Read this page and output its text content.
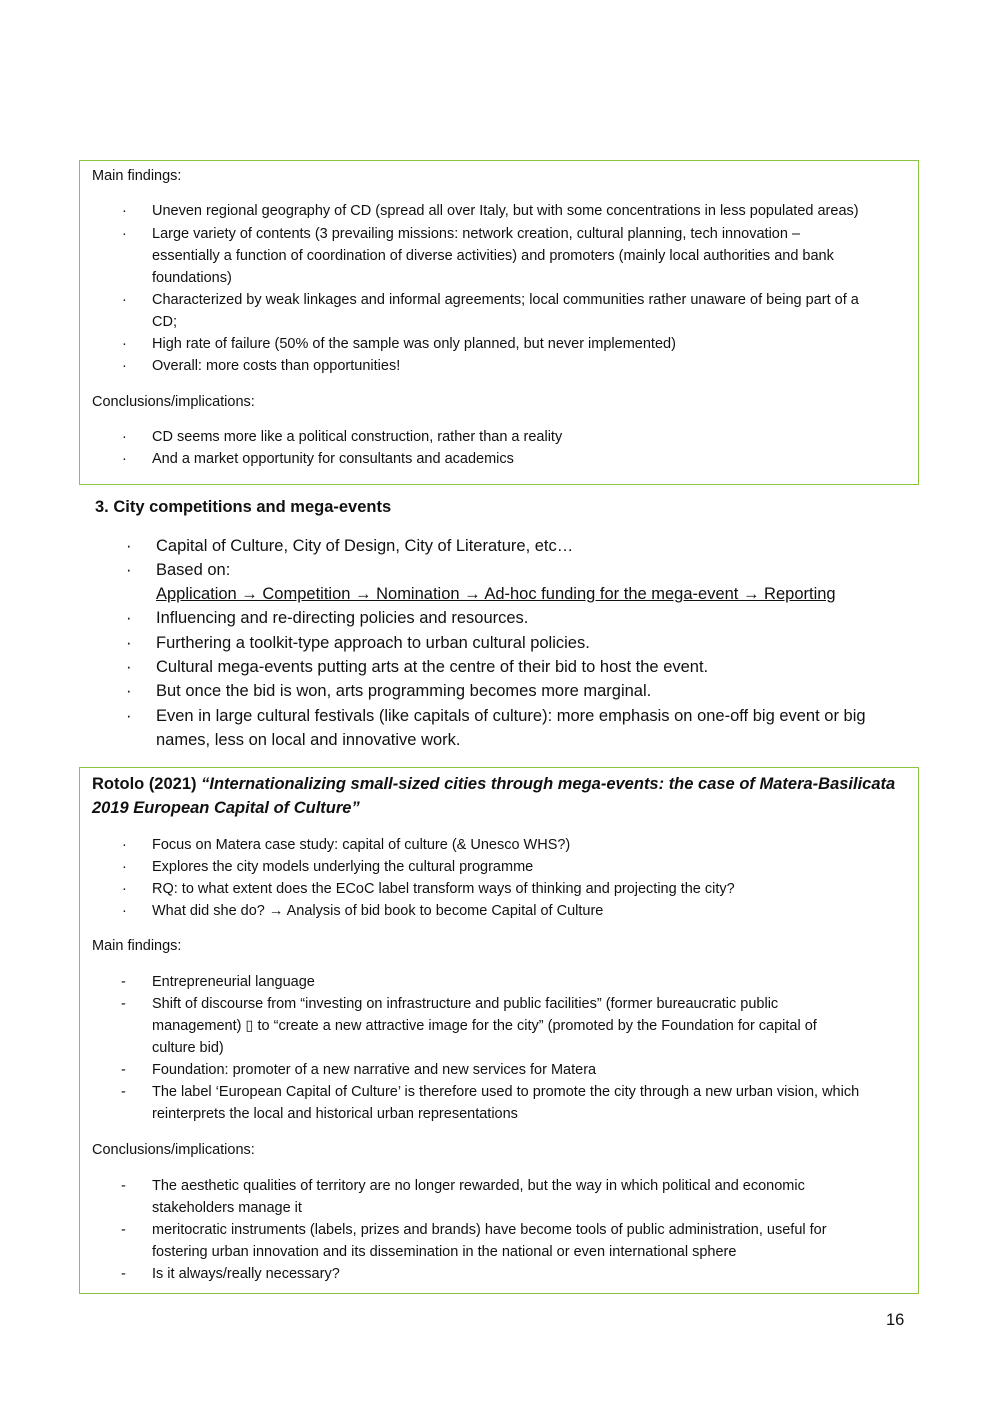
Main findings:
· Uneven regional geography of CD (spread all over Italy, but with some concentrations in less populated areas)
· Large variety of contents (3 prevailing missions: network creation, cultural planning, tech innovation –
essentially a function of coordination of diverse activities) and promoters (mainly local authorities and bank
foundations)
· Characterized by weak linkages and informal agreements; local communities rather unaware of being part of a
CD;
· High rate of failure (50% of the sample was only planned, but never implemented)
· Overall: more costs than opportunities!
Conclusions/implications:
· CD seems more like a political construction, rather than a reality
· And a market opportunity for consultants and academics
3. City competitions and mega-events
· Capital of Culture, City of Design, City of Literature, etc…
· Based on:
Application → Competition → Nomination → Ad-hoc funding for the mega-event → Reporting
· Influencing and re-directing policies and resources.
· Furthering a toolkit-type approach to urban cultural policies.
· Cultural mega-events putting arts at the centre of their bid to host the event.
· But once the bid is won, arts programming becomes more marginal.
· Even in large cultural festivals (like capitals of culture): more emphasis on one-off big event or big
names, less on local and innovative work.
Rotolo (2021) “Internationalizing small-sized cities through mega-events: the case of Matera-Basilicata
2019 European Capital of Culture”
· Focus on Matera case study: capital of culture (& Unesco WHS?)
· Explores the city models underlying the cultural programme
· RQ: to what extent does the ECoC label transform ways of thinking and projecting the city?
· What did she do? → Analysis of bid book to become Capital of Culture
Main findings:
- Entrepreneurial language
- Shift of discourse from “investing on infrastructure and public facilities” (former bureaucratic public
management) ▯ to “create a new attractive image for the city” (promoted by the Foundation for capital of
culture bid)
- Foundation: promoter of a new narrative and new services for Matera
- The label ‘European Capital of Culture’ is therefore used to promote the city through a new urban vision, which
reinterprets the local and historical urban representations
Conclusions/implications:
- The aesthetic qualities of territory are no longer rewarded, but the way in which political and economic
stakeholders manage it
- meritocratic instruments (labels, prizes and brands) have become tools of public administration, useful for
fostering urban innovation and its dissemination in the national or even international sphere
- Is it always/really necessary?
16
